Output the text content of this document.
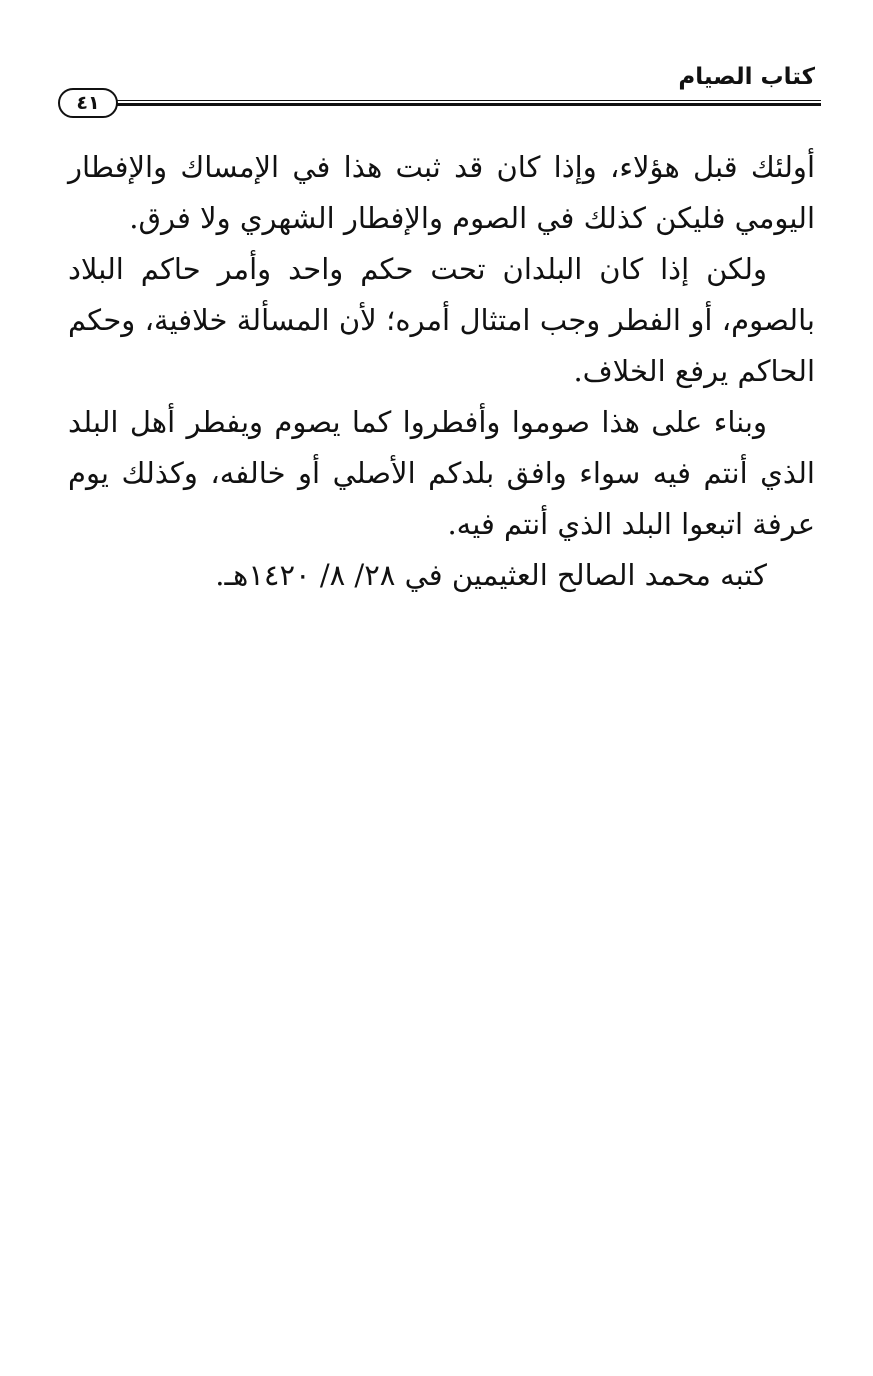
كتاب الصيام
٤١

أولئك قبل هؤلاء، وإذا كان قد ثبت هذا في الإمساك والإفطار اليومي فليكن كذلك في الصوم والإفطار الشهري ولا فرق.

ولكن إذا كان البلدان تحت حكم واحد وأمر حاكم البلاد بالصوم، أو الفطر وجب امتثال أمره؛ لأن المسألة خلافية، وحكم الحاكم يرفع الخلاف.

وبناء على هذا صوموا وأفطروا كما يصوم ويفطر أهل البلد الذي أنتم فيه سواء وافق بلدكم الأصلي أو خالفه، وكذلك يوم عرفة اتبعوا البلد الذي أنتم فيه.

كتبه محمد الصالح العثيمين في ٢٨/ ٨/ ١٤٢٠هـ.
